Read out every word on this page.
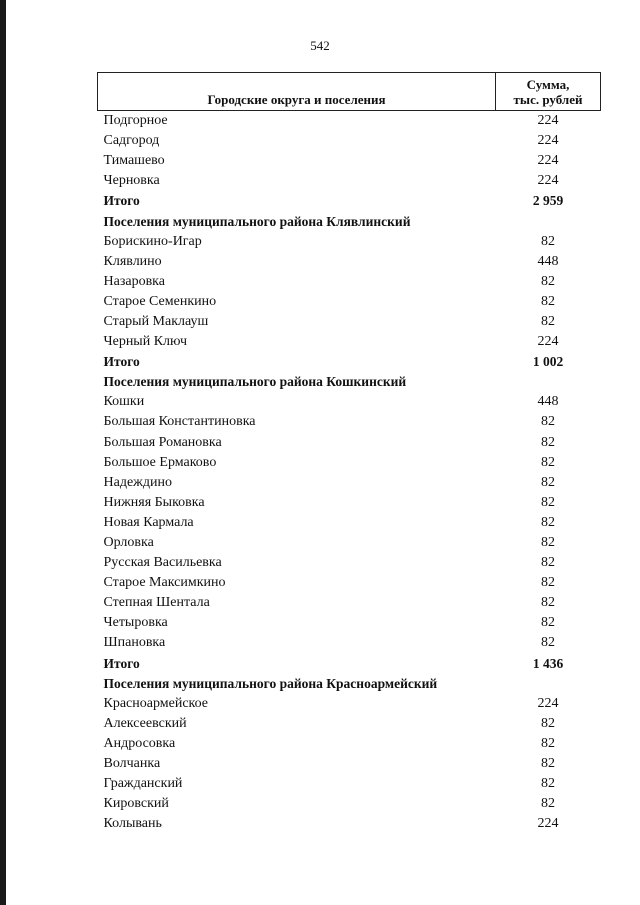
542
Городские округа и поселения	Сумма,
тыс. рублей
Подгорное	224
Садгород	224
Тимашево	224
Черновка	224
Итого	2 959
Поселения муниципального района Клявлинский	
Борискино-Игар	82
Клявлино	448
Назаровка	82
Старое Семенкино	82
Старый Маклауш	82
Черный Ключ	224
Итого	1 002
Поселения муниципального района Кошкинский	
Кошки	448
Большая Константиновка	82
Большая Романовка	82
Большое Ермаково	82
Надеждино	82
Нижняя Быковка	82
Новая Кармала	82
Орловка	82
Русская Васильевка	82
Старое Максимкино	82
Степная Шентала	82
Четыровка	82
Шпановка	82
Итого	1 436
Поселения муниципального района Красноармейский	
Красноармейское	224
Алексеевский	82
Андросовка	82
Волчанка	82
Гражданский	82
Кировский	82
Колывань	224
